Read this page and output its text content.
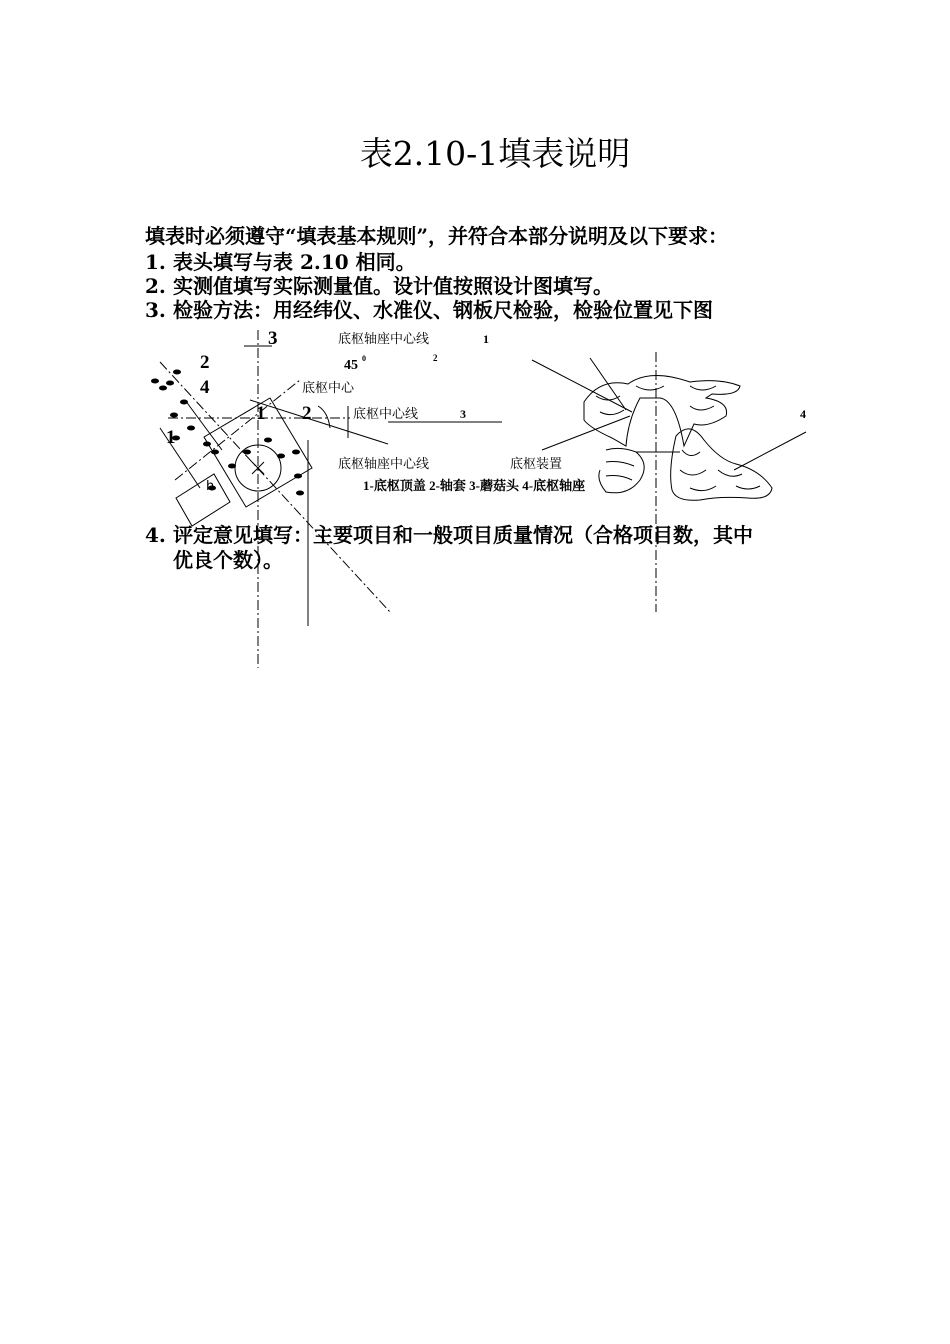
表2.10-1填表说明
填表时必须遵守“填表基本规则”，并符合本部分说明及以下要求：
1. 表头填写与表 2.10 相同。
2. 实测值填写实际测量值。设计值按照设计图填写。
3. 检验方法：用经纬仪、水准仪、钢板尺检验，检验位置见下图
3
2
4
1
1
2
底枢轴座中心线
45 0
底枢中心
底枢中心线
底枢轴座中心线
h
1
2
3	4
底枢装置
1-底枢顶盖 2-轴套 3-蘑菇头 4-底枢轴座
4. 评定意见填写：主要项目和一般项目质量情况（合格项目数，其中
优良个数）。
